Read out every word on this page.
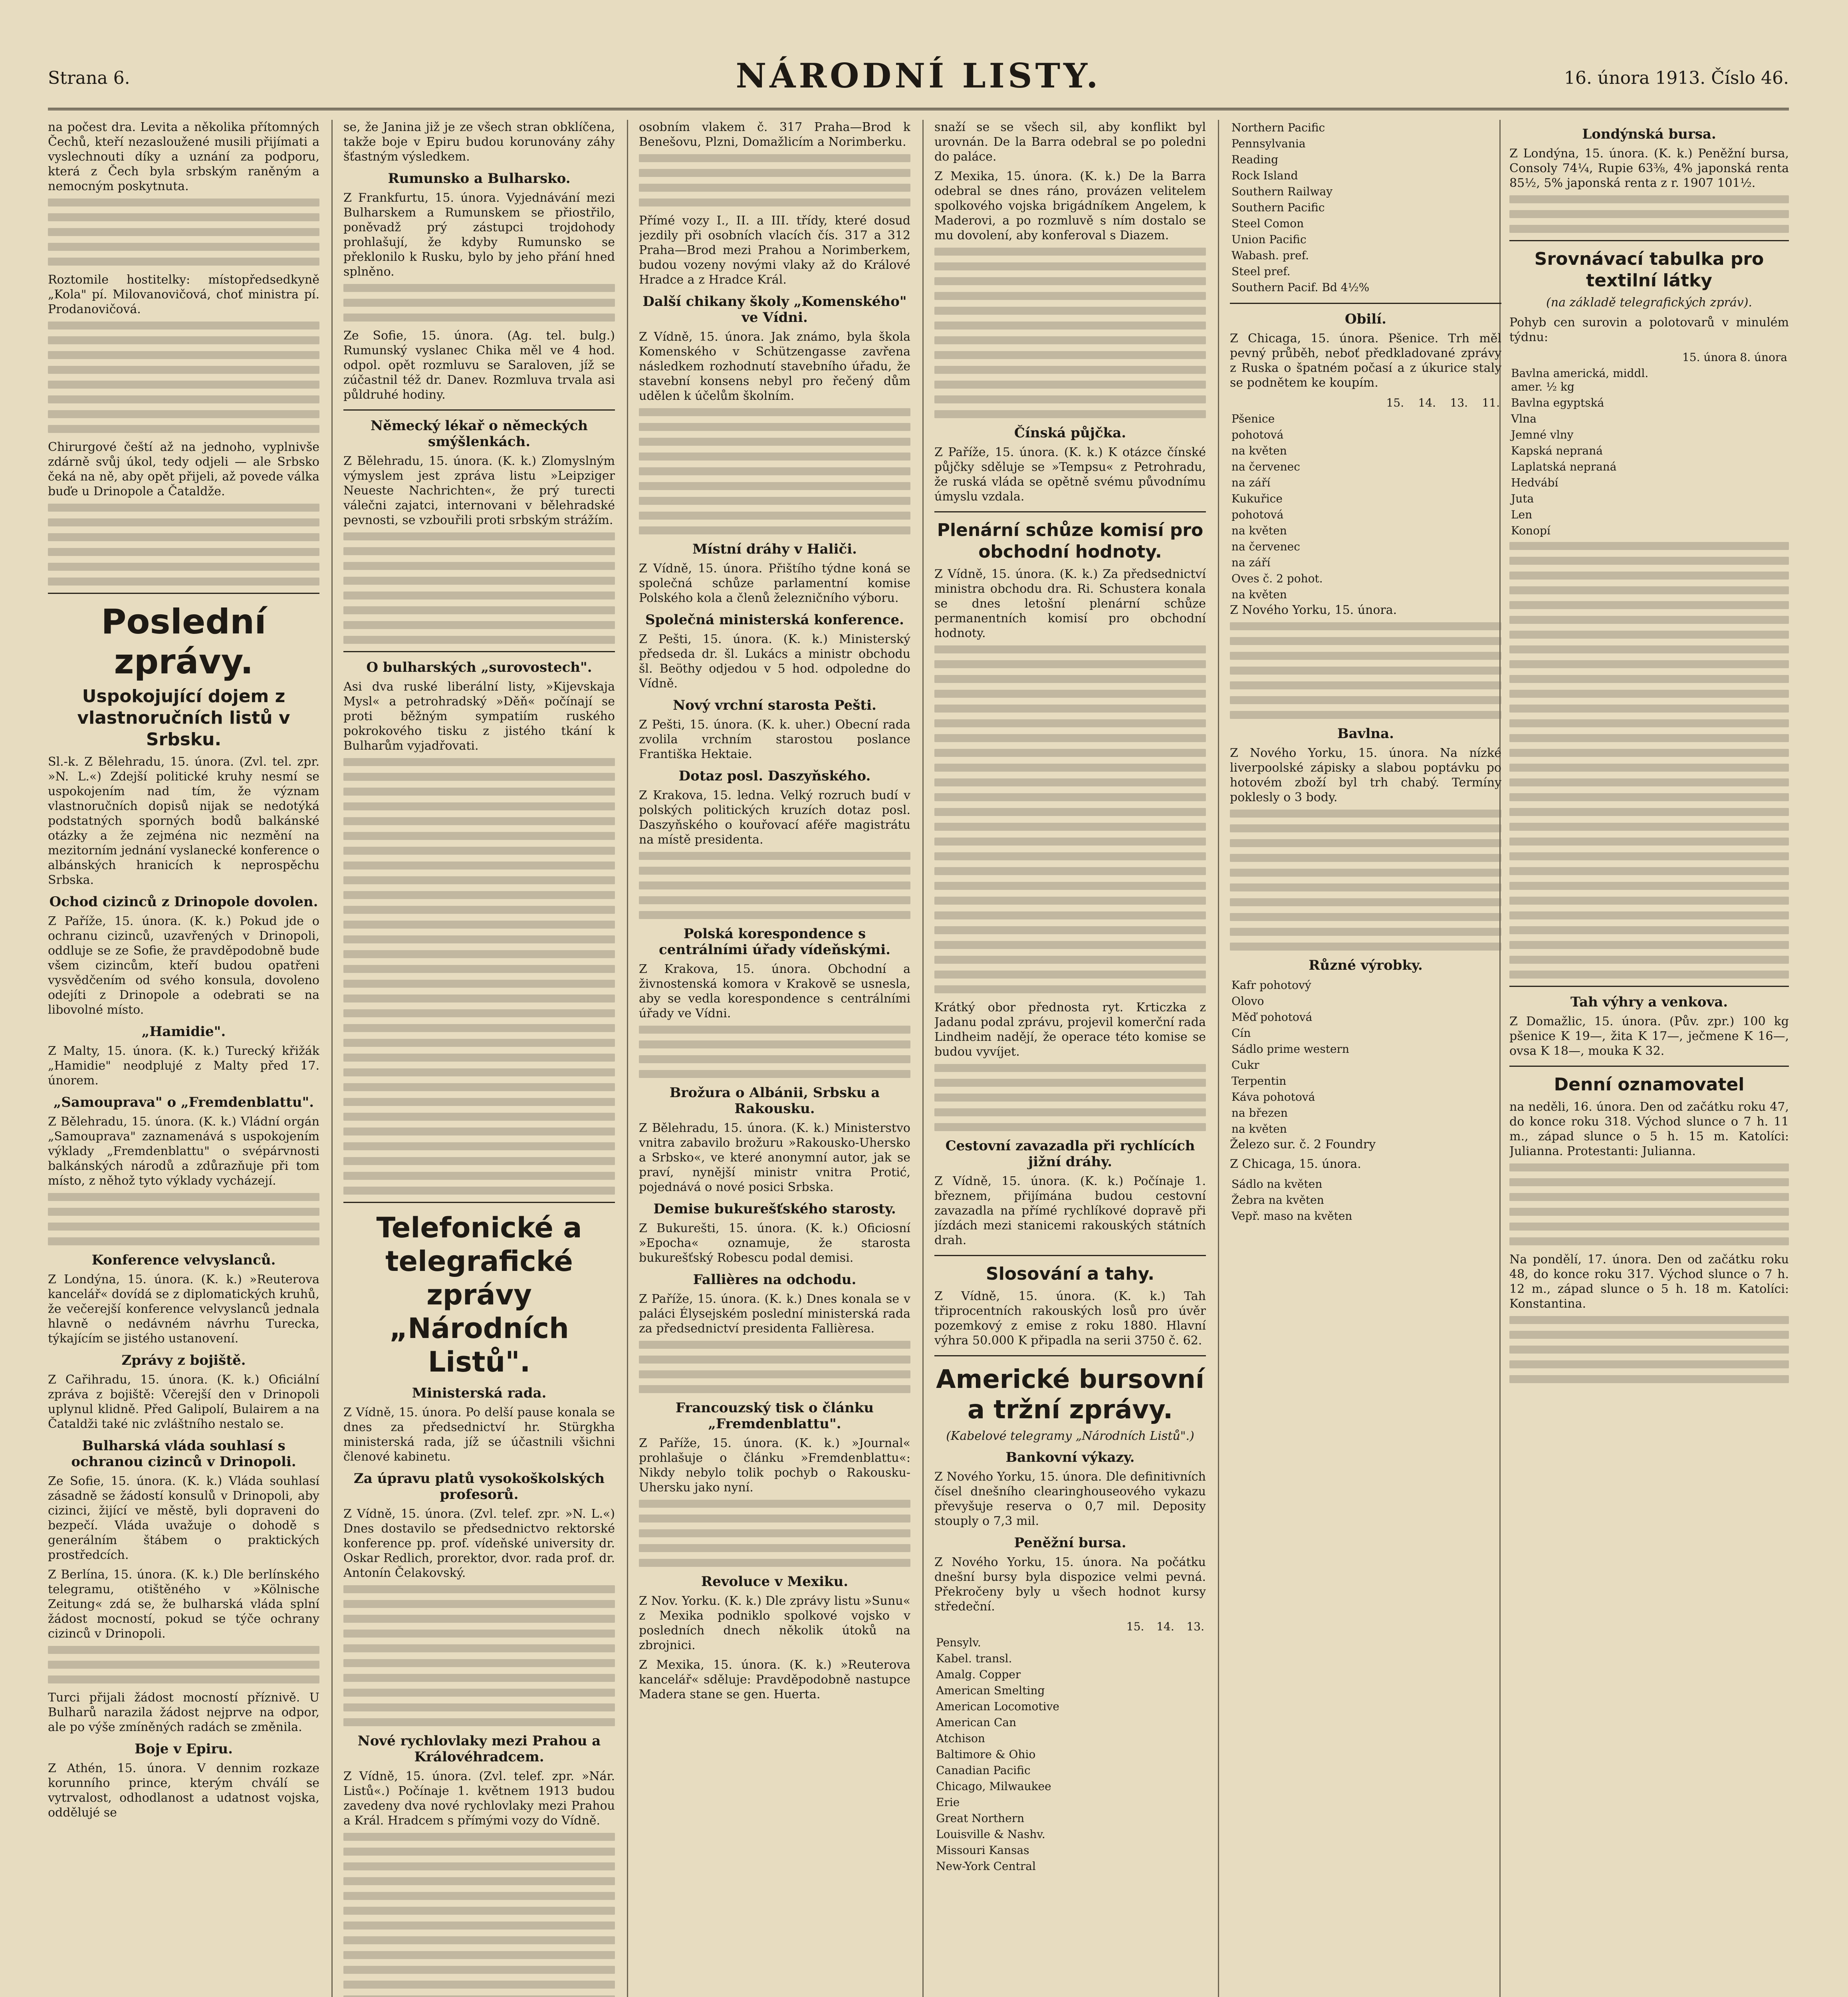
Strana 6.	NÁRODNÍ LISTY.	16. února 1913. Číslo 46.

na počest dra. Levita a několika přítomných Čechů, kteří nezasloužené musili přijímati a vyslechnouti díky a uznání za podporu, která z Čech byla srbským raněným a nemocným poskytnuta.

Roztomile hostitelky: místopředsedkyně „Kola" pí. Milovanovičová, choť ministra pí. Prodanovičová.

Chirurgové čeští až na jednoho, vyplnivše zdárně svůj úkol, tedy odjeli — ale Srbsko čeká na ně, aby opět přijeli, až povede válka buďe u Drinopole a Čataldže.

Poslední zprávy.
Uspokojující dojem z vlastnoručních listů v Srbsku.

Sl.-k. Z Bělehradu, 15. února. (Zvl. tel. zpr. »N. L.«) Zdejší politické kruhy nesmí se uspokojením nad tím, že význam vlastnoručních dopisů nijak se nedotýká podstatných sporných bodů balkánské otázky a že zejména nic nezmění na mezitorním jednání vyslanecké konference o albánských hranicích k neprospěchu Srbska.

Ochod cizinců z Drinopole dovolen.

Z Paříže, 15. února. (K. k.) Pokud jde o ochranu cizinců, uzavřených v Drinopoli, oddluje se ze Sofie, že pravděpodobně bude všem cizincům, kteří budou opatřeni vysvědčením od svého konsula, dovoleno odejíti z Drinopole a odebrati se na libovolné místo.

„Hamidie".

Z Malty, 15. února. (K. k.) Turecký křižák „Hamidie" neodplujé z Malty před 17. únorem.

„Samouprava" o „Fremdenblattu".

Z Bělehradu, 15. února. (K. k.) Vládní orgán „Samouprava" zaznamenává s uspokojením výklady „Fremdenblattu" o svépárvnosti balkánských národů a zdůrazňuje při tom místo, z něhož tyto výklady vycházejí.

Konference velvyslanců.

Z Londýna, 15. února. (K. k.) »Reuterova kancelář« dovídá se z diplomatických kruhů, že večerejší konference velvyslanců jednala hlavně o nedávném návrhu Turecka, týkajícím se jistého ustanovení.

Zprávy z bojiště.

Z Cařihradu, 15. února. (K. k.) Oficiální zpráva z bojiště: Včerejší den v Drinopoli uplynul klidně. Před Galipolí, Bulairem a na Čataldži také nic zvláštního nestalo se.

Bulharská vláda souhlasí s ochranou cizinců v Drinopoli.

Ze Sofie, 15. února. (K. k.) Vláda souhlasí zásadně se žádostí konsulů v Drinopoli, aby cizinci, žijící ve městě, byli dopraveni do bezpečí. Vláda uvažuje o dohodě s generálním štábem o praktických prostředcích.

Z Berlína, 15. února. (K. k.) Dle berlínského telegramu, otištěného v »Kölnische Zeitung« zdá se, že bulharská vláda splní žádost mocností, pokud se týče ochrany cizinců v Drinopoli.

Turci přijali žádost mocností příznivě. U Bulharů narazila žádost nejprve na odpor, ale po výše zmíněných radách se změnila.

Boje v Epiru.

Z Athén, 15. února. V dennim rozkaze korunního prince, kterým chválí se vytrvalost, odhodlanost a udatnost vojska, oddělujé se

se, že Janina již je ze všech stran obklíčena, takže boje v Epiru budou korunovány záhy šťastným výsledkem.

Rumunsko a Bulharsko.

Z Frankfurtu, 15. února. Vyjednávání mezi Bulharskem a Rumunskem se přiostřilo, poněvadž prý zástupci trojdohody prohlašují, že kdyby Rumunsko se překlonilo k Rusku, bylo by jeho přání hned splněno.

Ze Sofie, 15. února. (Ag. tel. bulg.) Rumunský vyslanec Chika měl ve 4 hod. odpol. opět rozmluvu se Saraloven, jíž se zúčastnil též dr. Danev. Rozmluva trvala asi půldruhé hodiny.

Německý lékař o německých smýšlenkách.

Z Bělehradu, 15. února. (K. k.) Zlomyslným výmyslem jest zpráva listu »Leipziger Neueste Nachrichten«, že prý turecti válečni zajatci, internovani v bělehradské pevnosti, se vzbouřili proti srbským strážím.

O bulharských „surovostech".

Asi dva ruské liberální listy, »Kijevskaja Mysl« a petrohradský »Děň« počínají se proti běžným sympatiím ruského pokrokového tisku z jistého tkání k Bulharům vyjadřovati.

Telefonické a telegrafické zprávy „Národních Listů".
Ministerská rada.

Z Vídně, 15. února. Po delší pause konala se dnes za předsednictví hr. Stürgkha ministerská rada, jíž se účastnili všichni členové kabinetu.

Za úpravu platů vysokoškolských profesorů.

Z Vídně, 15. února. (Zvl. telef. zpr. »N. L.«) Dnes dostavilo se předsednictvo rektorské konference pp. prof. vídeňské university dr. Oskar Redlich, prorektor, dvor. rada prof. dr. Antonín Čelakovský.

Nové rychlovlaky mezi Prahou a Královéhradcem.

Z Vídně, 15. února. (Zvl. telef. zpr. »Nár. Listů«.) Počínaje 1. květnem 1913 budou zavedeny dva nové rychlovlaky mezi Prahou a Král. Hradcem s přímými vozy do Vídně.

osobním vlakem č. 317 Praha—Brod k Benešovu, Plzni, Domažlicím a Norimberku.

Přímé vozy I., II. a III. třídy, které dosud jezdily při osobních vlacích čís. 317 a 312 Praha—Brod mezi Prahou a Norimberkem, budou vozeny novými vlaky až do Králové Hradce a z Hradce Král.

Další chikany školy „Komenského" ve Vídni.

Z Vídně, 15. února. Jak známo, byla škola Komenského v Schützengasse zavřena následkem rozhodnutí stavebního úřadu, že stavební konsens nebyl pro řečený dům udělen k účelům školním.

Místní dráhy v Haliči.

Z Vídně, 15. února. Přištího týdne koná se společná schůze parlamentní komise Polského kola a členů železničního výboru.

Společná ministerská konference.

Z Pešti, 15. února. (K. k.) Ministerský předseda dr. šl. Lukács a ministr obchodu šl. Beöthy odjedou v 5 hod. odpoledne do Vídně.

Nový vrchní starosta Pešti.

Z Pešti, 15. února. (K. k. uher.) Obecní rada zvolila vrchním starostou poslance Františka Hektaie.

Dotaz posl. Daszyňského.

Z Krakova, 15. ledna. Velký rozruch budí v polských politických kruzích dotaz posl. Daszyňského o kouřovací aféře magistrátu na místě presidenta.

Polská korespondence s centrálními úřady vídeňskými.

Z Krakova, 15. února. Obchodní a živnostenská komora v Krakově se usnesla, aby se vedla korespondence s centrálními úřady ve Vídni.

Brožura o Albánii, Srbsku a Rakousku.

Z Bělehradu, 15. února. (K. k.) Ministerstvo vnitra zabavilo brožuru »Rakousko-Uhersko a Srbsko«, ve které anonymní autor, jak se praví, nynější ministr vnitra Protić, pojednává o nové posici Srbska.

Demise bukurešťského starosty.

Z Bukurešti, 15. února. (K. k.) Oficiosní »Epocha« oznamuje, že starosta bukurešťský Robescu podal demisi.

Fallières na odchodu.

Z Paříže, 15. února. (K. k.) Dnes konala se v paláci Élysejském poslední ministerská rada za předsednictví presidenta Fallièresa.

Francouzský tisk o článku „Fremdenblattu".

Z Paříže, 15. února. (K. k.) »Journal« prohlašuje o článku »Fremdenblattu«: Nikdy nebylo tolik pochyb o Rakousku-Uhersku jako nyní.

Revoluce v Mexiku.

Z Nov. Yorku. (K. k.) Dle zprávy listu »Sunu« z Mexika podniklo spolkové vojsko v posledních dnech několik útoků na zbrojnici.

Z Mexika, 15. února. (K. k.) »Reuterova kancelář« sděluje: Pravděpodobně nastupce Madera stane se gen. Huerta.

snaží se se všech sil, aby konflikt byl urovnán. De la Barra odebral se po poledni do paláce.

Z Mexika, 15. února. (K. k.) De la Barra odebral se dnes ráno, provázen velitelem spolkového vojska brigádníkem Angelem, k Maderovi, a po rozmluvě s ním dostalo se mu dovolení, aby konferoval s Diazem.

Čínská půjčka.

Z Paříže, 15. února. (K. k.) K otázce čínské půjčky sděluje se »Tempsu« z Petrohradu, že ruská vláda se opětně svému původnímu úmyslu vzdala.

Plenární schůze komisí pro obchodní hodnoty.

Z Vídně, 15. února. (K. k.) Za předsednictví ministra obchodu dra. Ri. Schustera konala se dnes letošní plenární schůze permanentních komisí pro obchodní hodnoty.

Krátký obor přednosta ryt. Krticzka z Jadanu podal zprávu, projevil komerční rada Lindheim nadějí, že operace této komise se budou vyvíjet.

Cestovní zavazadla při rychlících jižní dráhy.

Z Vídně, 15. února. (K. k.) Počínaje 1. březnem, přijímána budou cestovní zavazadla na přímé rychlíkové dopravě při jízdách mezi stanicemi rakouských státních drah.

Slosování a tahy.

Z Vídně, 15. února. (K. k.) Tah třiprocentních rakouských losů pro úvěr pozemkový z emise z roku 1880. Hlavní výhra 50.000 K připadla na serii 3750 č. 62.

Americké bursovní a tržní zprávy.
(Kabelové telegramy „Národních Listů".)
Bankovní výkazy.

Z Nového Yorku, 15. února. Dle definitivních čísel dnešního clearinghouseového vykazu převyšuje reserva o 0,7 mil. Deposity stouply o 7,3 mil.

Peněžní bursa.

Z Nového Yorku, 15. února. Na počátku dnešní bursy byla dispozice velmi pevná. Překročeny byly u všech hodnot kursy středeční.

	15.	14.	13.
Pensylv.			
Kabel. transl.			
Amalg. Copper			
American Smelting			
American Locomotive			
American Can			
Atchison			
Baltimore & Ohio			
Canadian Pacific			
Chicago, Milwaukee			
Erie			
Great Northern			
Louisville & Nashv.			
Missouri Kansas			
New-York Central			
Northern Pacific			
Pennsylvania			
Reading			
Rock Island			
Southern Railway			
Southern Pacific			
Steel Comon			
Union Pacific			
Wabash. pref.			
Steel pref.			
Southern Pacif. Bd 4½%			
Obilí.

Z Chicaga, 15. února. Pšenice. Trh měl pevný průběh, neboť předkladované zprávy z Ruska o špatném počasí a z úkurice staly se podnětem ke koupím.

	15.	14.	13.	11.
Pšenice				
pohotová				
na květen				
na červenec				
na září				
Kukuřice				
pohotová				
na květen				
na červenec				
na září				
Oves č. 2 pohot.				
na květen				

Z Nového Yorku, 15. února.

Bavlna.

Z Nového Yorku, 15. února. Na nízké liverpoolské zápisky a slabou poptávku po hotovém zboží byl trh chabý. Termíny poklesly o 3 body.

Různé výrobky.
Kafr pohotový				
Olovo				
Měď pohotová				
Cín				
Sádlo prime western				
Cukr				
Terpentin				
Káva pohotová				
na březen				
na květen				

Železo sur. č. 2 Foundry

Z Chicaga, 15. února.

Sádlo na květen				
Žebra na květen				
Vepř. maso na květen				
Londýnská bursa.

Z Londýna, 15. února. (K. k.) Peněžní bursa, Consoly 74¼, Rupie 63⅜, 4% japonská renta 85½, 5% japonská renta z r. 1907 101½.

Srovnávací tabulka pro textilní látky
(na základě telegrafických zpráv).

Pohyb cen surovin a polotovarů v minulém týdnu:

	15. února	8. února
Bavlna americká, middl. amer. ½ kg		
Bavlna egyptská		
Vlna		
Jemné vlny		
Kapská nepraná		
Laplatská nepraná		
Hedvábí		
Juta		
Len		
Konopí		
Tah výhry a venkova.

Z Domažlic, 15. února. (Pův. zpr.) 100 kg pšenice K 19—, žita K 17—, ječmene K 16—, ovsa K 18—, mouka K 32.

Denní oznamovatel

na neděli, 16. února. Den od začátku roku 47, do konce roku 318. Východ slunce o 7 h. 11 m., západ slunce o 5 h. 15 m. Katolíci: Julianna. Protestanti: Julianna.

Na pondělí, 17. února. Den od začátku roku 48, do konce roku 317. Východ slunce o 7 h. 12 m., západ slunce o 5 h. 18 m. Katolíci: Konstantina.
